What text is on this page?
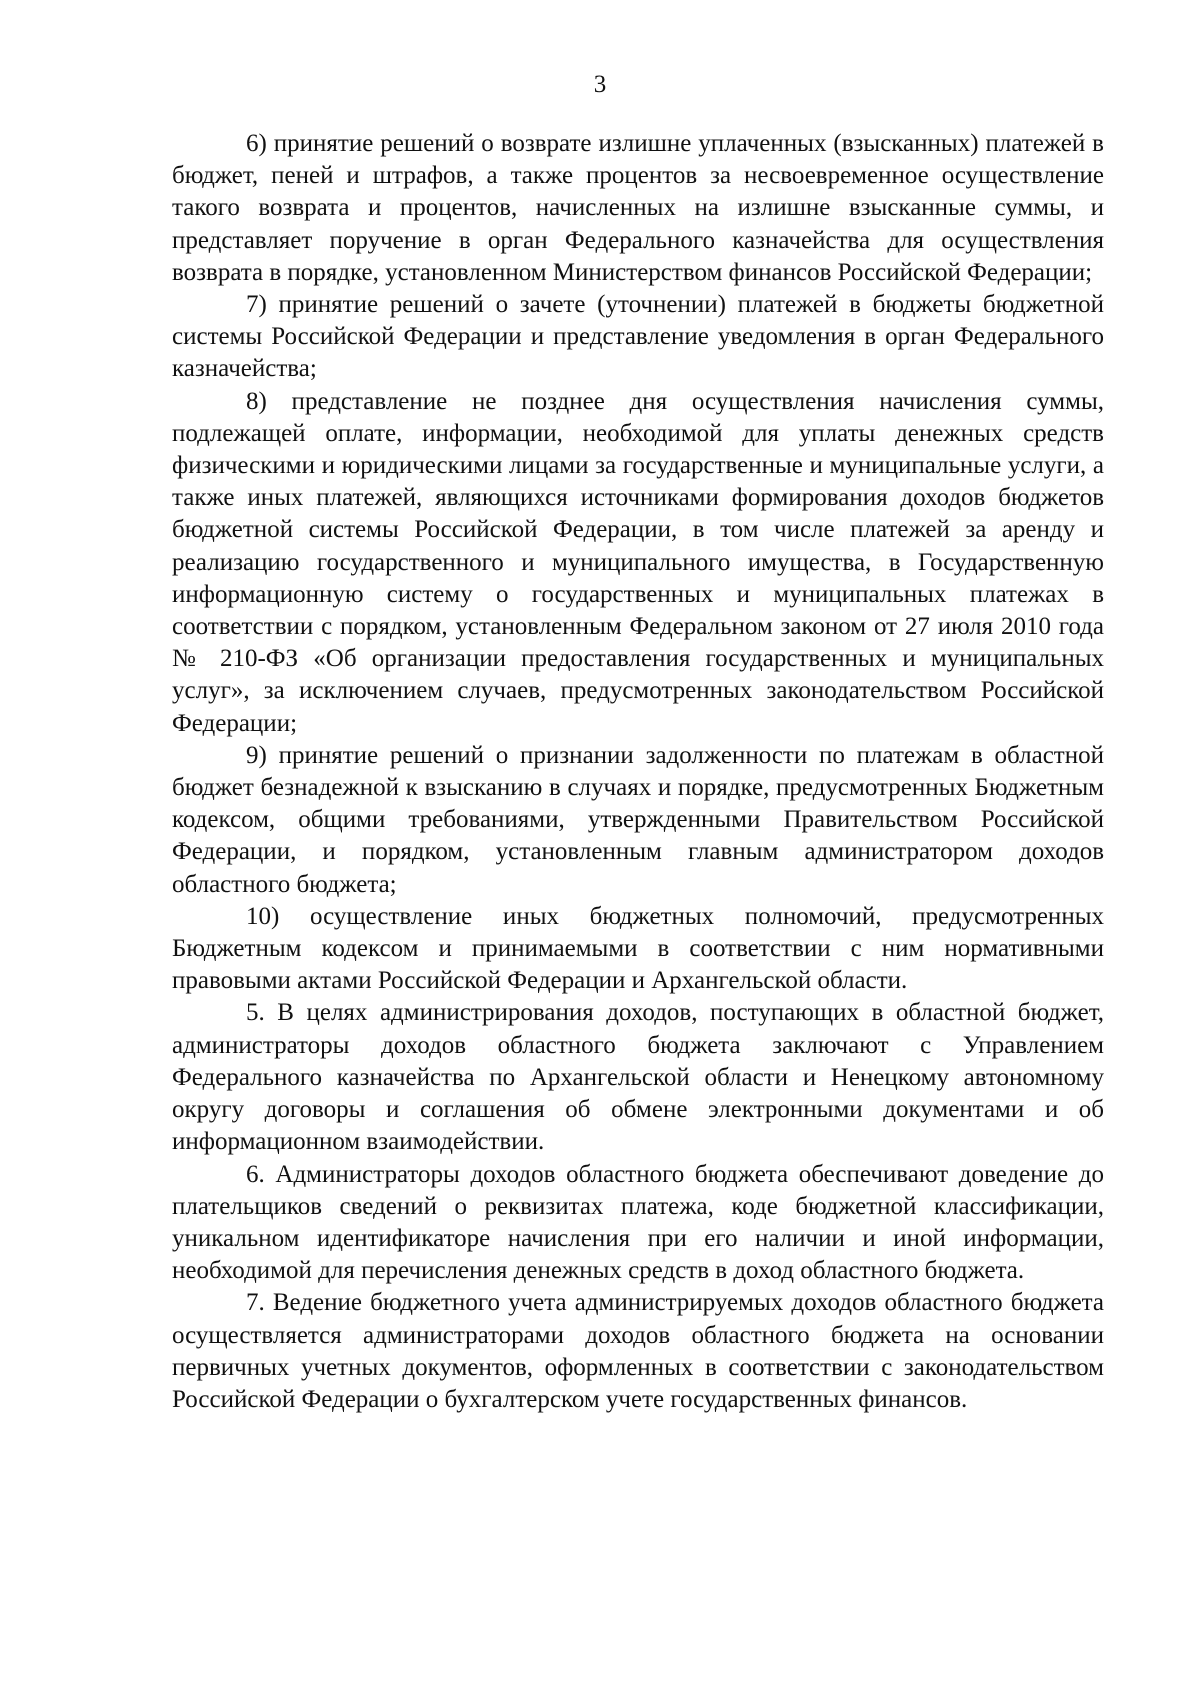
3

6) принятие решений о возврате излишне уплаченных (взысканных) платежей в бюджет, пеней и штрафов, а также процентов за несвоевременное осуществление такого возврата и процентов, начисленных на излишне взысканные суммы, и представляет поручение в орган Федерального казначейства для осуществления возврата в порядке, установленном Министерством финансов Российской Федерации;

7) принятие решений о зачете (уточнении) платежей в бюджеты бюджетной системы Российской Федерации и представление уведомления в орган Федерального казначейства;

8) представление не позднее дня осуществления начисления суммы, подлежащей оплате, информации, необходимой для уплаты денежных средств физическими и юридическими лицами за государственные и муниципальные услуги, а также иных платежей, являющихся источниками формирования доходов бюджетов бюджетной системы Российской Федерации, в том числе платежей за аренду и реализацию государственного и муниципального имущества, в Государственную информационную систему о государственных и муниципальных платежах в соответствии с порядком, установленным Федеральном законом от 27 июля 2010 года № 210-ФЗ «Об организации предоставления государственных и муниципальных услуг», за исключением случаев, предусмотренных законодательством Российской Федерации;

9) принятие решений о признании задолженности по платежам в областной бюджет безнадежной к взысканию в случаях и порядке, предусмотренных Бюджетным кодексом, общими требованиями, утвержденными Правительством Российской Федерации, и порядком, установленным главным администратором доходов областного бюджета;

10) осуществление иных бюджетных полномочий, предусмотренных Бюджетным кодексом и принимаемыми в соответствии с ним нормативными правовыми актами Российской Федерации и Архангельской области.

5. В целях администрирования доходов, поступающих в областной бюджет, администраторы доходов областного бюджета заключают с Управлением Федерального казначейства по Архангельской области и Ненецкому автономному округу договоры и соглашения об обмене электронными документами и об информационном взаимодействии.

6. Администраторы доходов областного бюджета обеспечивают доведение до плательщиков сведений о реквизитах платежа, коде бюджетной классификации, уникальном идентификаторе начисления при его наличии и иной информации, необходимой для перечисления денежных средств в доход областного бюджета.

7. Ведение бюджетного учета администрируемых доходов областного бюджета осуществляется администраторами доходов областного бюджета на основании первичных учетных документов, оформленных в соответствии с законодательством Российской Федерации о бухгалтерском учете государственных финансов.
